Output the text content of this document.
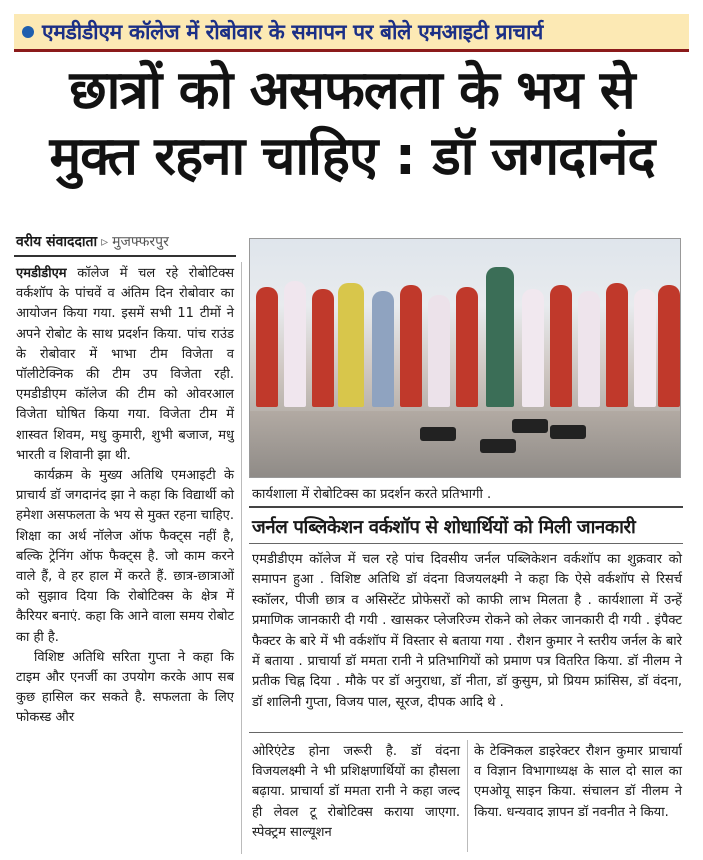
एमडीडीएम कॉलेज में रोबोवार के समापन पर बोले एमआइटी प्राचार्य
छात्रों को असफलता के भय से
मुक्त रहना चाहिए : डॉ जगदानंद
वरीय संवाददाता ▹ मुजफ्फरपुर

एमडीडीएम कॉलेज में चल रहे रोबोटिक्स वर्कशॉप के पांचवें व अंतिम दिन रोबोवार का आयोजन किया गया. इसमें सभी 11 टीमों ने अपने रोबोट के साथ प्रदर्शन किया. पांच राउंड के रोबोवार में भाभा टीम विजेता व पॉलीटेक्निक की टीम उप विजेता रही. एमडीडीएम कॉलेज की टीम को ओवरआल विजेता घोषित किया गया. विजेता टीम में शास्वत शिवम, मधु कुमारी, शुभी बजाज, मधु भारती व शिवानी झा थी.

कार्यक्रम के मुख्य अतिथि एमआइटी के प्राचार्य डॉ जगदानंद झा ने कहा कि विद्यार्थी को हमेशा असफलता के भय से मुक्त रहना चाहिए. शिक्षा का अर्थ नॉलेज ऑफ फैक्ट्स नहीं है, बल्कि ट्रेनिंग ऑफ फैक्ट्स है. जो काम करने वाले हैं, वे हर हाल में करते हैं. छात्र-छात्राओं को सुझाव दिया कि रोबोटिक्स के क्षेत्र में कैरियर बनाएं. कहा कि आने वाला समय रोबोट का ही है.

विशिष्ट अतिथि सरिता गुप्ता ने कहा कि टाइम और एनर्जी का उपयोग करके आप सब कुछ हासिल कर सकते है. सफलता के लिए फोकस्ड और

कार्यशाला में रोबोटिक्स का प्रदर्शन करते प्रतिभागी .
जर्नल पब्लिकेशन वर्कशॉप से शोधार्थियों को मिली जानकारी

एमडीडीएम कॉलेज में चल रहे पांच दिवसीय जर्नल पब्लिकेशन वर्कशॉप का शुक्रवार को समापन हुआ . विशिष्ट अतिथि डॉ वंदना विजयलक्ष्मी ने कहा कि ऐसे वर्कशॉप से रिसर्च स्कॉलर, पीजी छात्र व असिस्टेंट प्रोफेसरों को काफी लाभ मिलता है . कार्यशाला में उन्हें प्रमाणिक जानकारी दी गयी . खासकर प्लेजरिज्म रोकने को लेकर जानकारी दी गयी . इंपैक्ट फैक्टर के बारे में भी वर्कशॉप में विस्तार से बताया गया . रौशन कुमार ने स्तरीय जर्नल के बारे में बताया . प्राचार्या डॉ ममता रानी ने प्रतिभागियों को प्रमाण पत्र वितरित किया. डॉ नीलम ने प्रतीक चिह्न दिया . मौके पर डॉ अनुराधा, डॉ नीता, डॉ कुसुम, प्रो प्रियम फ्रांसिस, डॉ वंदना, डॉ शालिनी गुप्ता, विजय पाल, सूरज, दीपक आदि थे .

ओरिएंटेड होना जरूरी है. डॉ वंदना विजयलक्ष्मी ने भी प्रशिक्षणार्थियों का हौसला बढ़ाया. प्राचार्या डॉ ममता रानी ने कहा जल्द ही लेवल टू रोबोटिक्स कराया जाएगा. स्पेक्ट्रम साल्यूशन

के टेक्निकल डाइरेक्टर रौशन कुमार प्राचार्या व विज्ञान विभागाध्यक्ष के साल दो साल का एमओयू साइन किया. संचालन डॉ नीलम ने किया. धन्यवाद ज्ञापन डॉ नवनीत ने किया.
